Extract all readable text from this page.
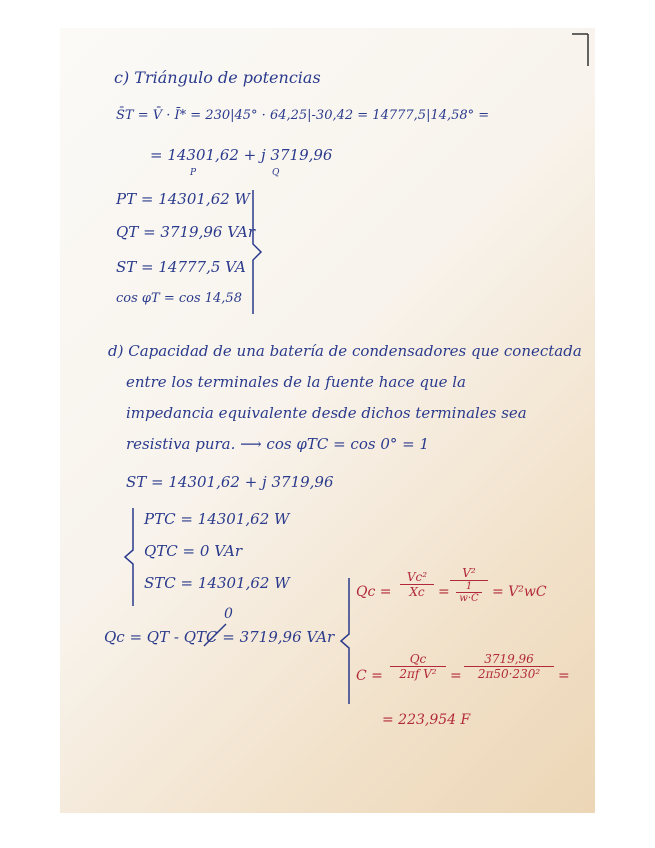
c) Triángulo de potencias
S̄T = V̄ · Ī* = 230|45° · 64,25|-30,42 = 14777,5|14,58° =
= 14301,62 + j 3719,96
P	Q
PT = 14301,62 W
QT = 3719,96 VAr
ST = 14777,5 VA
cos φT = cos 14,58
d) Capacidad de una batería de condensadores que conectada
entre los terminales de la fuente hace que la
impedancia equivalente desde dichos terminales sea
resistiva pura. ⟶ cos φTC = cos 0° = 1
ST = 14301,62 + j 3719,96
PTC = 14301,62 W
QTC = 0 VAr
STC = 14301,62 W
0
Qc = QT - QTC = 3719,96 VAr
Qc =
Vc²
Xc =
V²
1
w·C = V²wC
C =
Qc
2πf V² =
3719,96
2π50·230²	=
= 223,954 F
